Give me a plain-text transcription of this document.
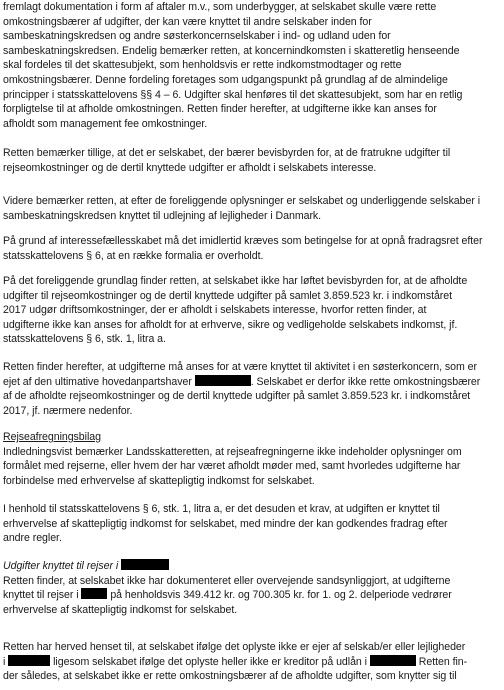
fremlagt dokumentation i form af aftaler m.v., som underbygger, at selskabet skulle være rette
omkostningsbærer af udgifter, der kan være knyttet til andre selskaber inden for
sambeskatningskredsen og andre søsterkoncernselskaber i ind- og udland uden for
sambeskatningskredsen. Endelig bemærker retten, at koncernindkomsten i skatteretlig henseende
skal fordeles til det skattesubjekt, som henholdsvis er rette indkomstmodtager og rette
omkostningsbærer. Denne fordeling foretages som udgangspunkt på grundlag af de almindelige
principper i statsskattelovens §§ 4 – 6. Udgifter skal henføres til det skattesubjekt, som har en retlig
forpligtelse til at afholde omkostningen. Retten finder herefter, at udgifterne ikke kan anses for
afholdt som management fee omkostninger.
Retten bemærker tillige, at det er selskabet, der bærer bevisbyrden for, at de fratrukne udgifter til
rejseomkostninger og de dertil knyttede udgifter er afholdt i selskabets interesse.
Videre bemærker retten, at efter de foreliggende oplysninger er selskabet og underliggende selskaber i
sambeskatningskredsen knyttet til udlejning af lejligheder i Danmark.
På grund af interessefællesskabet må det imidlertid kræves som betingelse for at opnå fradragsret efter
statsskattelovens § 6, at en række formalia er overholdt.
På det foreliggende grundlag finder retten, at selskabet ikke har løftet bevisbyrden for, at de afholdte
udgifter til rejseomkostninger og de dertil knyttede udgifter på samlet 3.859.523 kr. i indkomståret
2017 udgør driftsomkostninger, der er afholdt i selskabets interesse, hvorfor retten finder, at
udgifterne ikke kan anses for afholdt for at erhverve, sikre og vedligeholde selskabets indkomst, jf.
statsskattelovens § 6, stk. 1, litra a.
Retten finder herefter, at udgifterne må anses for at være knyttet til aktivitet i en søsterkoncern, som er
ejet af den ultimative hovedanpartshaver	. Selskabet er derfor ikke rette omkostningsbærer
af de afholdte rejseomkostninger og de dertil knyttede udgifter på samlet 3.859.523 kr. i indkomståret
2017, jf. nærmere nedenfor.
Rejseafregningsbilag
Indledningsvist bemærker Landsskatteretten, at rejseafregningerne ikke indeholder oplysninger om
formålet med rejserne, eller hvem der har været afholdt møder med, samt hvorledes udgifterne har
forbindelse med erhvervelse af skattepligtig indkomst for selskabet.
I henhold til statsskattelovens § 6, stk. 1, litra a, er det desuden et krav, at udgiften er knyttet til
erhvervelse af skattepligtig indkomst for selskabet, med mindre der kan godkendes fradrag efter
andre regler.
Udgifter knyttet til rejser i
Retten finder, at selskabet ikke har dokumenteret eller overvejende sandsynliggjort, at udgifterne
knyttet til rejser i	på henholdsvis 349.412 kr. og 700.305 kr. for 1. og 2. delperiode vedrører
erhvervelse af skattepligtig indkomst for selskabet.
Retten har herved henset til, at selskabet ifølge det oplyste ikke er ejer af selskab/er eller lejligheder
i	ligesom selskabet ifølge det oplyste heller ikke er kreditor på udlån i	Retten fin-
der således, at selskabet ikke er rette omkostningsbærer af de afholdte udgifter, som knytter sig til
